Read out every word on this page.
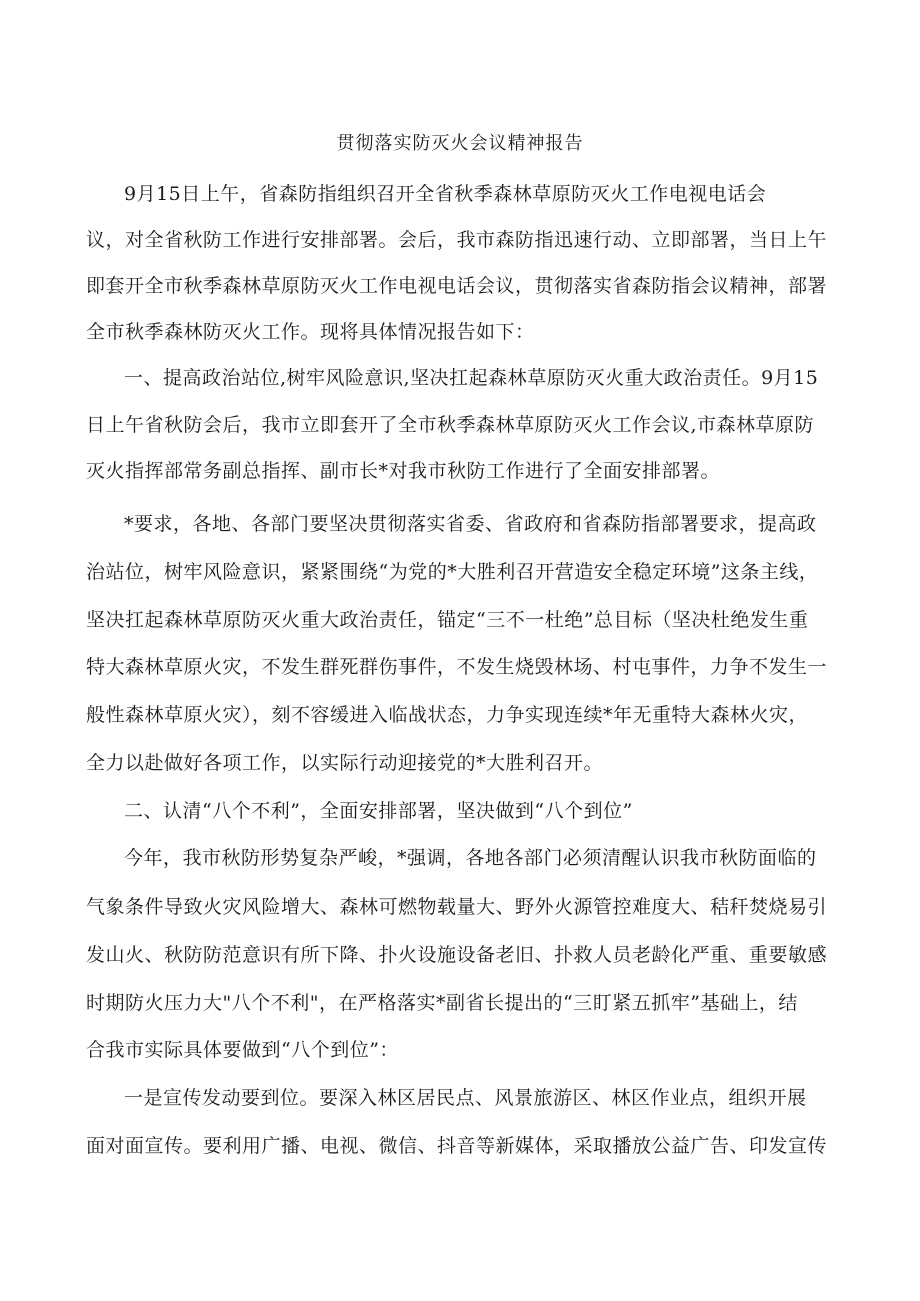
贯彻落实防灭火会议精神报告
9月15日上午，省森防指组织召开全省秋季森林草原防灭火工作电视电话会
议，对全省秋防工作进行安排部署。会后，我市森防指迅速行动、立即部署，当日上午
即套开全市秋季森林草原防灭火工作电视电话会议，贯彻落实省森防指会议精神，部署
全市秋季森林防灭火工作。现将具体情况报告如下：
一、提高政治站位,树牢风险意识,坚决扛起森林草原防灭火重大政治责任。9月15
日上午省秋防会后，我市立即套开了全市秋季森林草原防灭火工作会议,市森林草原防
灭火指挥部常务副总指挥、副市长*对我市秋防工作进行了全面安排部署。
*要求，各地、各部门要坚决贯彻落实省委、省政府和省森防指部署要求，提高政
治站位，树牢风险意识，紧紧围绕“为党的*大胜利召开营造安全稳定环境”这条主线，
坚决扛起森林草原防灭火重大政治责任，锚定“三不一杜绝”总目标（坚决杜绝发生重
特大森林草原火灾，不发生群死群伤事件，不发生烧毁林场、村屯事件，力争不发生一
般性森林草原火灾），刻不容缓进入临战状态，力争实现连续*年无重特大森林火灾，
全力以赴做好各项工作，以实际行动迎接党的*大胜利召开。
二、认清“八个不利”，全面安排部署，坚决做到“八个到位”
今年，我市秋防形势复杂严峻，*强调，各地各部门必须清醒认识我市秋防面临的
气象条件导致火灾风险增大、森林可燃物载量大、野外火源管控难度大、秸秆焚烧易引
发山火、秋防防范意识有所下降、扑火设施设备老旧、扑救人员老龄化严重、重要敏感
时期防火压力大"八个不利"，在严格落实*副省长提出的“三盯紧五抓牢”基础上，结
合我市实际具体要做到“八个到位”：
一是宣传发动要到位。要深入林区居民点、风景旅游区、林区作业点，组织开展
面对面宣传。要利用广播、电视、微信、抖音等新媒体，采取播放公益广告、印发宣传
